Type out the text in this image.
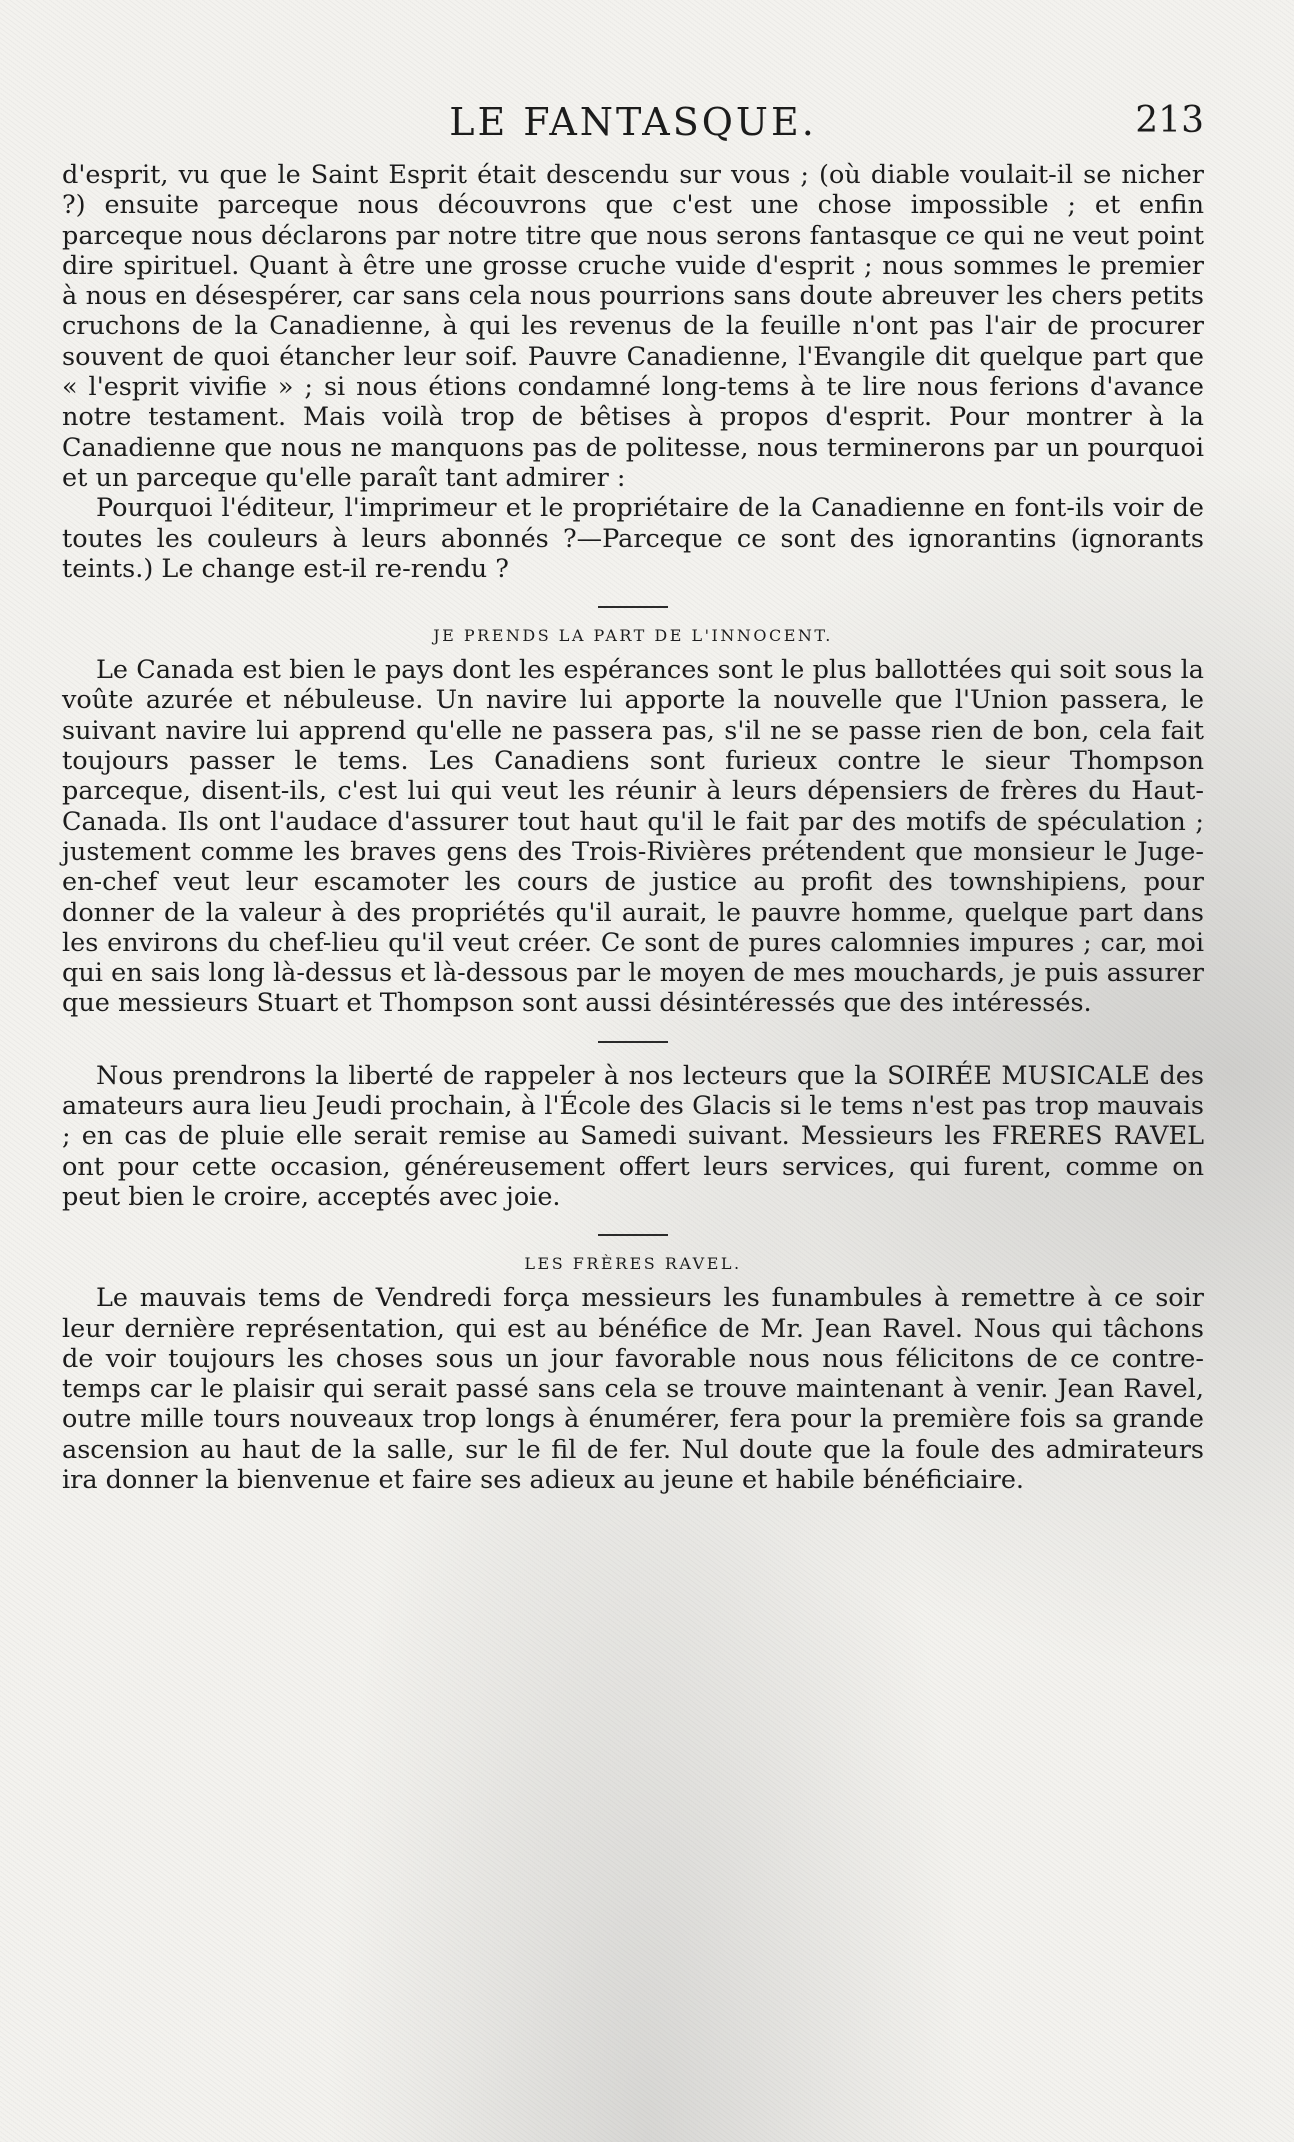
LE FANTASQUE.	213

d'esprit, vu que le Saint Esprit était descendu sur vous ; (où diable voulait-il se nicher ?) ensuite parceque nous découvrons que c'est une chose impossible ; et enfin parceque nous déclarons par notre titre que nous serons fantasque ce qui ne veut point dire spirituel. Quant à être une grosse cruche vuide d'esprit ; nous sommes le premier à nous en désespérer, car sans cela nous pourrions sans doute abreuver les chers petits cruchons de la Canadienne, à qui les revenus de la feuille n'ont pas l'air de procurer souvent de quoi étancher leur soif. Pauvre Canadienne, l'Evangile dit quelque part que « l'esprit vivifie » ; si nous étions condamné long-tems à te lire nous ferions d'avance notre testament. Mais voilà trop de bêtises à propos d'esprit. Pour montrer à la Canadienne que nous ne manquons pas de politesse, nous terminerons par un pourquoi et un parceque qu'elle paraît tant admirer :

Pourquoi l'éditeur, l'imprimeur et le propriétaire de la Canadienne en font-ils voir de toutes les couleurs à leurs abonnés ?—Parceque ce sont des ignorantins (ignorants teints.) Le change est-il re-rendu ?

JE PRENDS LA PART DE L'INNOCENT.

Le Canada est bien le pays dont les espérances sont le plus ballottées qui soit sous la voûte azurée et nébuleuse. Un navire lui apporte la nouvelle que l'Union passera, le suivant navire lui apprend qu'elle ne passera pas, s'il ne se passe rien de bon, cela fait toujours passer le tems. Les Canadiens sont furieux contre le sieur Thompson parceque, disent-ils, c'est lui qui veut les réunir à leurs dépensiers de frères du Haut-Canada. Ils ont l'audace d'assurer tout haut qu'il le fait par des motifs de spéculation ; justement comme les braves gens des Trois-Rivières prétendent que monsieur le Juge-en-chef veut leur escamoter les cours de justice au profit des townshipiens, pour donner de la valeur à des propriétés qu'il aurait, le pauvre homme, quelque part dans les environs du chef-lieu qu'il veut créer. Ce sont de pures calomnies impures ; car, moi qui en sais long là-dessus et là-dessous par le moyen de mes mouchards, je puis assurer que messieurs Stuart et Thompson sont aussi désintéressés que des intéressés.

Nous prendrons la liberté de rappeler à nos lecteurs que la SOIRÉE MUSICALE des amateurs aura lieu Jeudi prochain, à l'École des Glacis si le tems n'est pas trop mauvais ; en cas de pluie elle serait remise au Samedi suivant. Messieurs les FRERES RAVEL ont pour cette occasion, généreusement offert leurs services, qui furent, comme on peut bien le croire, acceptés avec joie.

LES FRÈRES RAVEL.

Le mauvais tems de Vendredi força messieurs les funambules à remettre à ce soir leur dernière représentation, qui est au bénéfice de Mr. Jean Ravel. Nous qui tâchons de voir toujours les choses sous un jour favorable nous nous félicitons de ce contre-temps car le plaisir qui serait passé sans cela se trouve maintenant à venir. Jean Ravel, outre mille tours nouveaux trop longs à énumérer, fera pour la première fois sa grande ascension au haut de la salle, sur le fil de fer. Nul doute que la foule des admirateurs ira donner la bienvenue et faire ses adieux au jeune et habile bénéficiaire.
